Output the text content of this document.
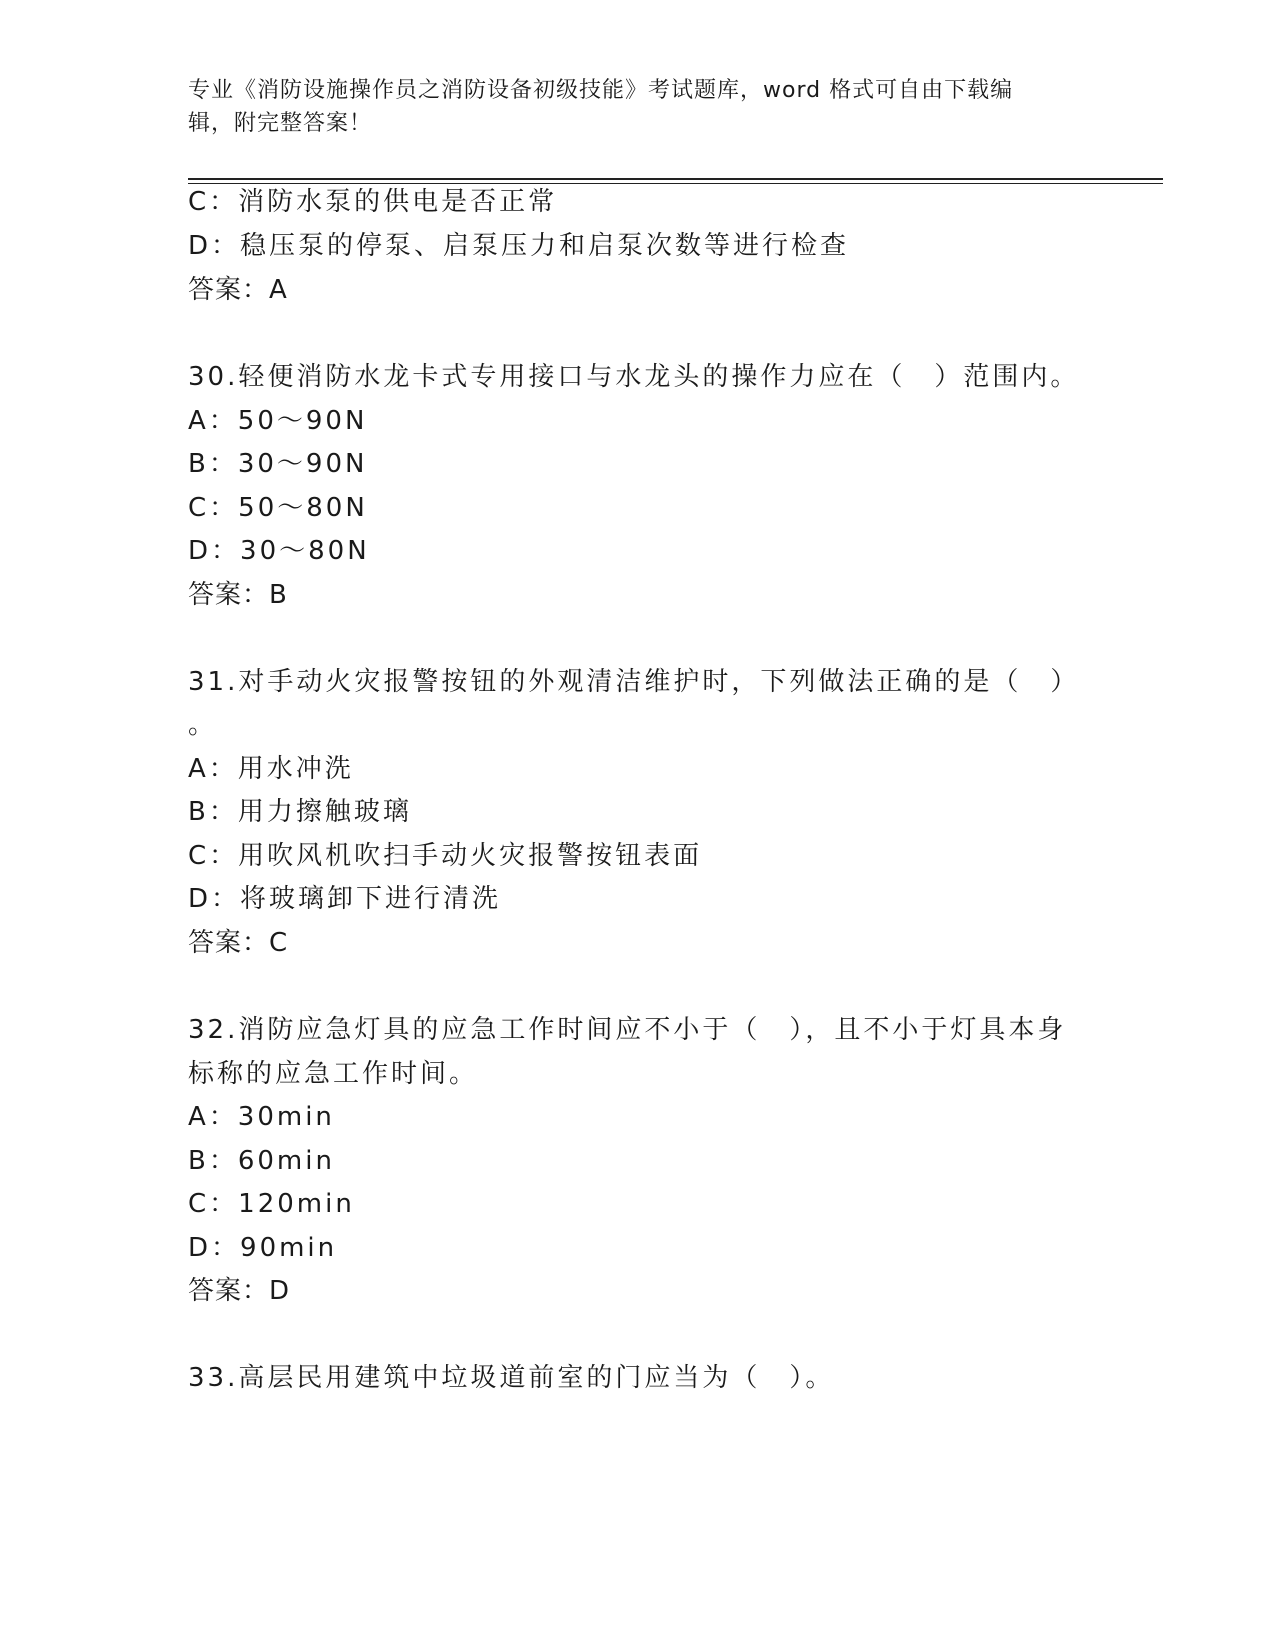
专业《消防设施操作员之消防设备初级技能》考试题库，word 格式可自由下载编
辑，附完整答案！
C：消防水泵的供电是否正常
D：稳压泵的停泵、启泵压力和启泵次数等进行检查
答案：A
30.轻便消防水龙卡式专用接口与水龙头的操作力应在（　）范围内。
A：50～90N
B：30～90N
C：50～80N
D：30～80N
答案：B
31.对手动火灾报警按钮的外观清洁维护时，下列做法正确的是（　）
。
A：用水冲洗
B：用力擦触玻璃
C：用吹风机吹扫手动火灾报警按钮表面
D：将玻璃卸下进行清洗
答案：C
32.消防应急灯具的应急工作时间应不小于（　），且不小于灯具本身
标称的应急工作时间。
A：30min
B：60min
C：120min
D：90min
答案：D
33.高层民用建筑中垃圾道前室的门应当为（　）。
